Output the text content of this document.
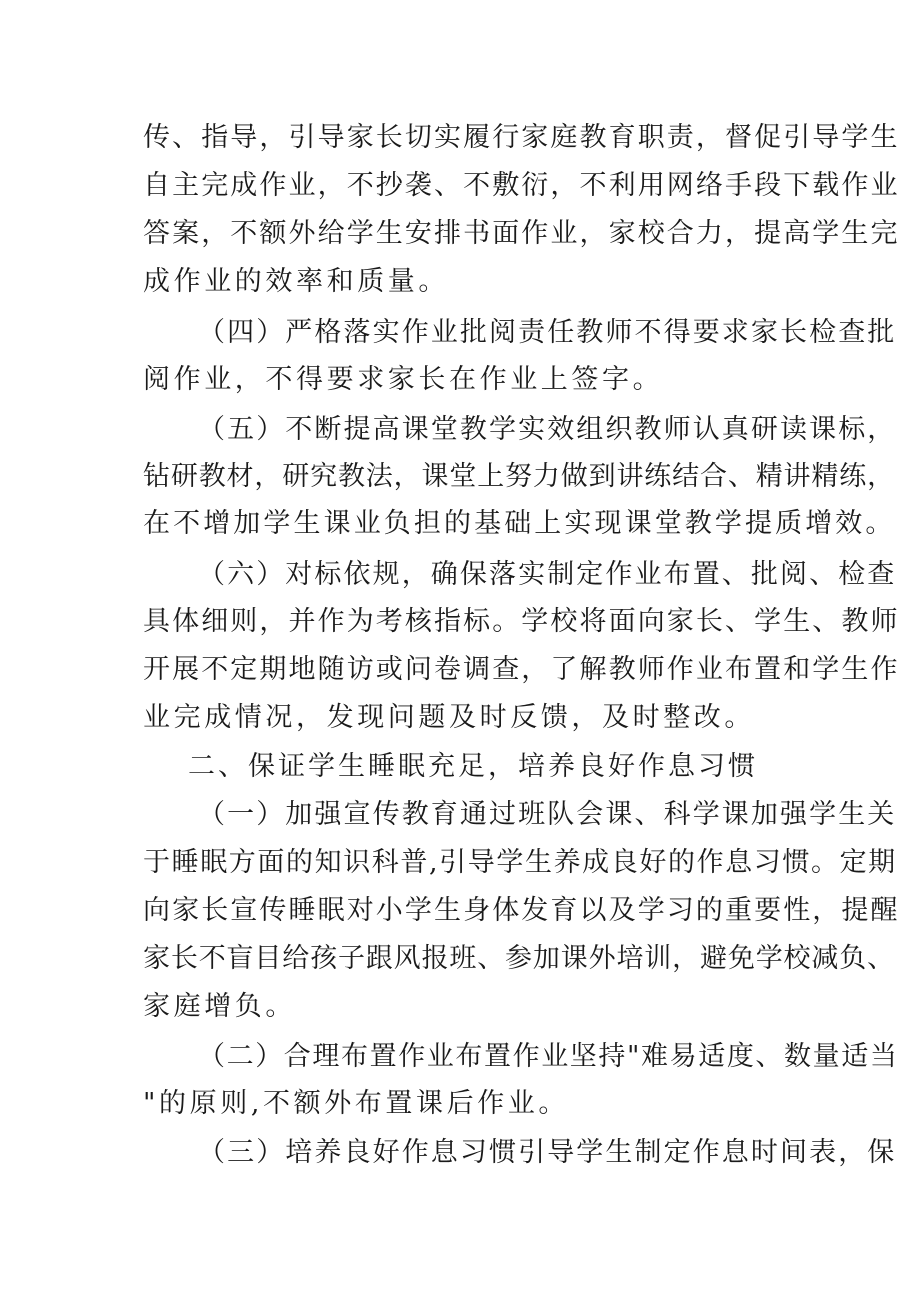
传、指导，引导家长切实履行家庭教育职责，督促引导学生
自主完成作业，不抄袭、不敷衍，不利用网络手段下载作业
答案，不额外给学生安排书面作业，家校合力，提高学生完
成作业的效率和质量。
（四）严格落实作业批阅责任教师不得要求家长检查批
阅作业，不得要求家长在作业上签字。
（五）不断提高课堂教学实效组织教师认真研读课标，
钻研教材，研究教法，课堂上努力做到讲练结合、精讲精练，
在不增加学生课业负担的基础上实现课堂教学提质增效。
（六）对标依规，确保落实制定作业布置、批阅、检查
具体细则，并作为考核指标。学校将面向家长、学生、教师
开展不定期地随访或问卷调查，了解教师作业布置和学生作
业完成情况，发现问题及时反馈，及时整改。
二、保证学生睡眠充足，培养良好作息习惯
（一）加强宣传教育通过班队会课、科学课加强学生关
于睡眠方面的知识科普,引导学生养成良好的作息习惯。定期
向家长宣传睡眠对小学生身体发育以及学习的重要性，提醒
家长不盲目给孩子跟风报班、参加课外培训，避免学校减负、
家庭增负。
（二）合理布置作业布置作业坚持"难易适度、数量适当
"的原则,不额外布置课后作业。
（三）培养良好作息习惯引导学生制定作息时间表，保
